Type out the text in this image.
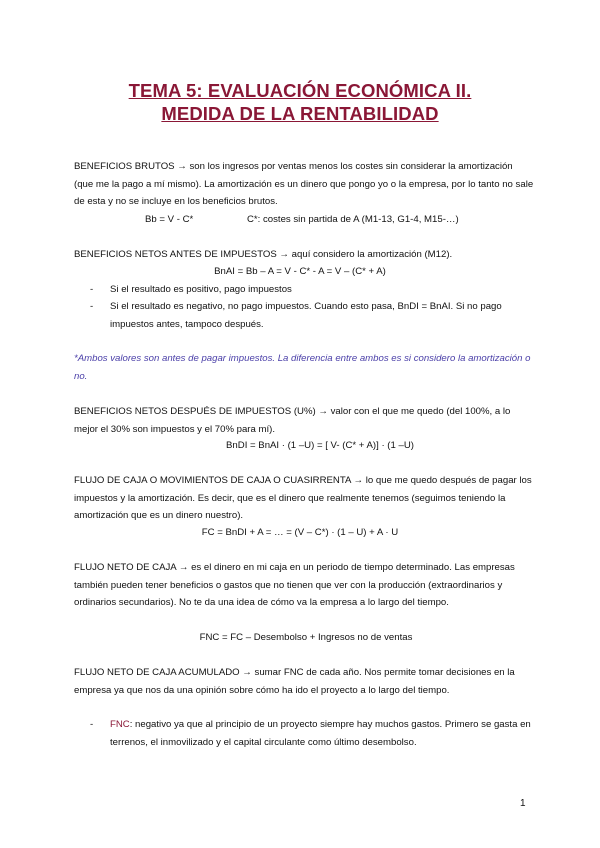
TEMA 5: EVALUACIÓN ECONÓMICA II.
MEDIDA DE LA RENTABILIDAD

BENEFICIOS BRUTOS → son los ingresos por ventas menos los costes sin considerar la amortización (que me la pago a mí mismo). La amortización es un dinero que pongo yo o la empresa, por lo tanto no sale de esta y no se incluye en los beneficios brutos.

Bb = V - C*	C*: costes sin partida de A (M1-13, G1-4, M15-…)

BENEFICIOS NETOS ANTES DE IMPUESTOS → aquí considero la amortización (M12).

BnAI = Bb – A = V - C* - A = V – (C* + A)
-	Si el resultado es positivo, pago impuestos
-	Si el resultado es negativo, no pago impuestos. Cuando esto pasa, BnDI = BnAI. Si no pago impuestos antes, tampoco después.
*Ambos valores son antes de pagar impuestos. La diferencia entre ambos es si considero la amortización o no.

BENEFICIOS NETOS DESPUÉS DE IMPUESTOS (U%) → valor con el que me quedo (del 100%, a lo mejor el 30% son impuestos y el 70% para mí).

BnDI = BnAI · (1 –U) = [ V- (C* + A)] · (1 –U)

FLUJO DE CAJA O MOVIMIENTOS DE CAJA O CUASIRRENTA → lo que me quedo después de pagar los impuestos y la amortización. Es decir, que es el dinero que realmente tenemos (seguimos teniendo la amortización que es un dinero nuestro).

FC = BnDI + A = … = (V – C*) · (1 – U) + A · U

FLUJO NETO DE CAJA → es el dinero en mi caja en un periodo de tiempo determinado. Las empresas también pueden tener beneficios o gastos que no tienen que ver con la producción (extraordinarios y ordinarios secundarios). No te da una idea de cómo va la empresa a lo largo del tiempo.

FNC = FC – Desembolso + Ingresos no de ventas

FLUJO NETO DE CAJA ACUMULADO → sumar FNC de cada año. Nos permite tomar decisiones en la empresa ya que nos da una opinión sobre cómo ha ido el proyecto a lo largo del tiempo.

-	FNC: negativo ya que al principio de un proyecto siempre hay muchos gastos. Primero se gasta en terrenos, el inmovilizado y el capital circulante como último desembolso.
1
